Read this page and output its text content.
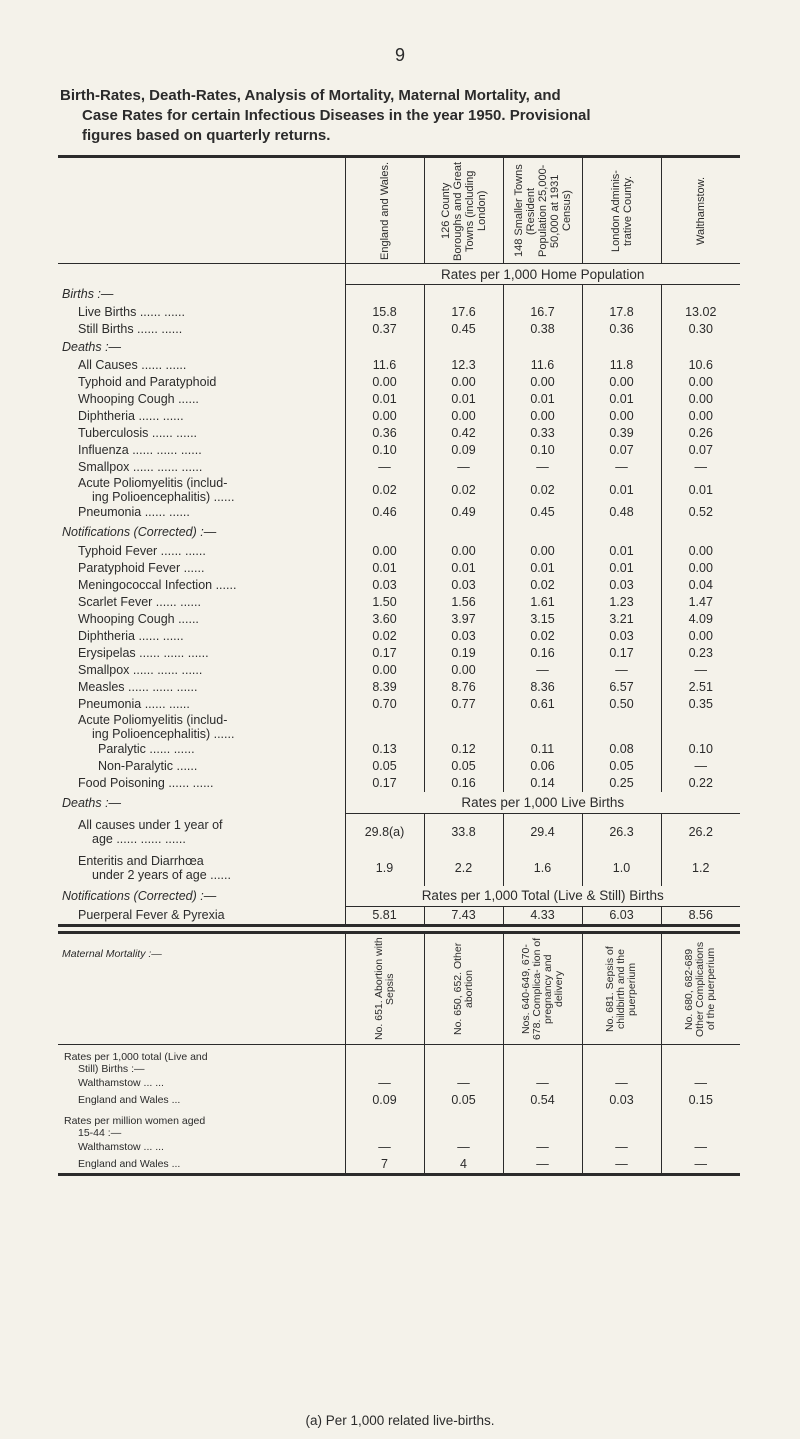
9
Birth-Rates, Death-Rates, Analysis of Mortality, Maternal Mortality, and
Case Rates for certain Infectious Diseases in the year 1950. Provisional
figures based on quarterly returns.

	England and Wales.	126 County Boroughs and Great Towns (including London)	148 Smaller Towns (Resident Population 25,000-50,000 at 1931 Census)	London Adminis- trative County.	Walthamstow.

	Rates per 1,000 Home Population				
Births :—					
Live Births ...... ......	15.8	17.6	16.7	17.8	13.02
Still Births ...... ......	0.37	0.45	0.38	0.36	0.30
Deaths :—					
All Causes ...... ......	11.6	12.3	11.6	11.8	10.6
Typhoid and Paratyphoid	0.00	0.00	0.00	0.00	0.00
Whooping Cough ......	0.01	0.01	0.01	0.01	0.00
Diphtheria ...... ......	0.00	0.00	0.00	0.00	0.00
Tuberculosis ...... ......	0.36	0.42	0.33	0.39	0.26
Influenza ...... ...... ......	0.10	0.09	0.10	0.07	0.07
Smallpox ...... ...... ......	—	—	—	—	—

Acute Poliomyelitis (includ-
ing Polioencephalitis) ......	0.02	0.02	0.02	0.01	0.01
Pneumonia ...... ......	0.46	0.49	0.45	0.48	0.52
Notifications (Corrected) :—					
Typhoid Fever ...... ......	0.00	0.00	0.00	0.01	0.00
Paratyphoid Fever ......	0.01	0.01	0.01	0.01	0.00
Meningococcal Infection ......	0.03	0.03	0.02	0.03	0.04
Scarlet Fever ...... ......	1.50	1.56	1.61	1.23	1.47
Whooping Cough ......	3.60	3.97	3.15	3.21	4.09
Diphtheria ...... ......	0.02	0.03	0.02	0.03	0.00
Erysipelas ...... ...... ......	0.17	0.19	0.16	0.17	0.23
Smallpox ...... ...... ......	0.00	0.00	—	—	—
Measles ...... ...... ......	8.39	8.76	8.36	6.57	2.51
Pneumonia ...... ......	0.70	0.77	0.61	0.50	0.35

Acute Poliomyelitis (includ-
ing Polioencephalitis) ......					

Paralytic ...... ......	0.13	0.12	0.11	0.08	0.10
Non-Paralytic ......	0.05	0.05	0.06	0.05	—
Food Poisoning ...... ......	0.17	0.16	0.14	0.25	0.22
Deaths :—	Rates per 1,000 Live Births				

All causes under 1 year of
age ...... ...... ......	29.8(a)	33.8	29.4	26.3	26.2

Enteritis and Diarrhœa
under 2 years of age ......	1.9	2.2	1.6	1.0	1.2
Notifications (Corrected) :—	Rates per 1,000 Total (Live & Still) Births				
Puerperal Fever & Pyrexia	5.81	7.43	4.33	6.03	8.56

Maternal Mortality :—	No. 651. Abortion with Sepsis	No. 650, 652. Other abortion	Nos. 640-649, 670-678. Complica- tion of pregnancy and delivery	No. 681. Sepsis of childbirth and the puerperium	No. 680, 682-689 Other Complications of the puerperium

Rates per 1,000 total (Live and
Still) Births :—					

Walthamstow ... ...	—	—	—	—	—
England and Wales ...	0.09	0.05	0.54	0.03	0.15

Rates per million women aged
15-44 :—					

Walthamstow ... ...	—	—	—	—	—
England and Wales ...	7	4	—	—	—
(a) Per 1,000 related live-births.
